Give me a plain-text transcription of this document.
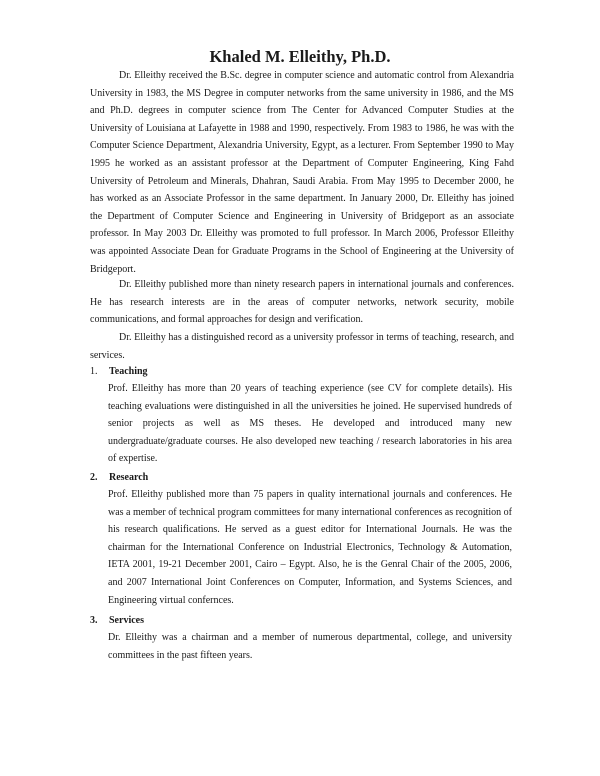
Khaled M. Elleithy, Ph.D.

Dr. Elleithy received the B.Sc. degree in computer science and automatic control from Alexandria University in 1983, the MS Degree in computer networks from the same university in 1986, and the MS and Ph.D. degrees in computer science from The Center for Advanced Computer Studies at the University of Louisiana at Lafayette in 1988 and 1990, respectively. From 1983 to 1986, he was with the Computer Science Department, Alexandria University, Egypt, as a lecturer. From September 1990 to May 1995 he worked as an assistant professor at the Department of Computer Engineering, King Fahd University of Petroleum and Minerals, Dhahran, Saudi Arabia. From May 1995 to December 2000, he has worked as an Associate Professor in the same department. In January 2000, Dr. Elleithy has joined the Department of Computer Science and Engineering in University of Bridgeport as an associate professor. In May 2003 Dr. Elleithy was promoted to full professor. In March 2006, Professor Elleithy was appointed Associate Dean for Graduate Programs in the School of Engineering at the University of Bridgeport.

Dr. Elleithy published more than ninety research papers in international journals and conferences. He has research interests are in the areas of computer networks, network security, mobile communications, and formal approaches for design and verification.

Dr. Elleithy has a distinguished record as a university professor in terms of teaching, research, and services.

1.	Teaching

Prof. Elleithy has more than 20 years of teaching experience (see CV for complete details). His teaching evaluations were distinguished in all the universities he joined. He supervised hundreds of senior projects as well as MS theses. He developed and introduced many new undergraduate/graduate courses. He also developed new teaching / research laboratories in his area of expertise.

2.	Research

Prof. Elleithy published more than 75 papers in quality international journals and conferences. He was a member of technical program committees for many international conferences as recognition of his research qualifications. He served as a guest editor for International Journals. He was the chairman for the International Conference on Industrial Electronics, Technology & Automation, IETA 2001, 19-21 December 2001, Cairo – Egypt. Also, he is the Genral Chair of the 2005, 2006, and 2007 International Joint Conferences on Computer, Information, and Systems Sciences, and Engineering virtual confernces.

3.	Services

Dr. Elleithy was a chairman and a member of numerous departmental, college, and university committees in the past fifteen years.
